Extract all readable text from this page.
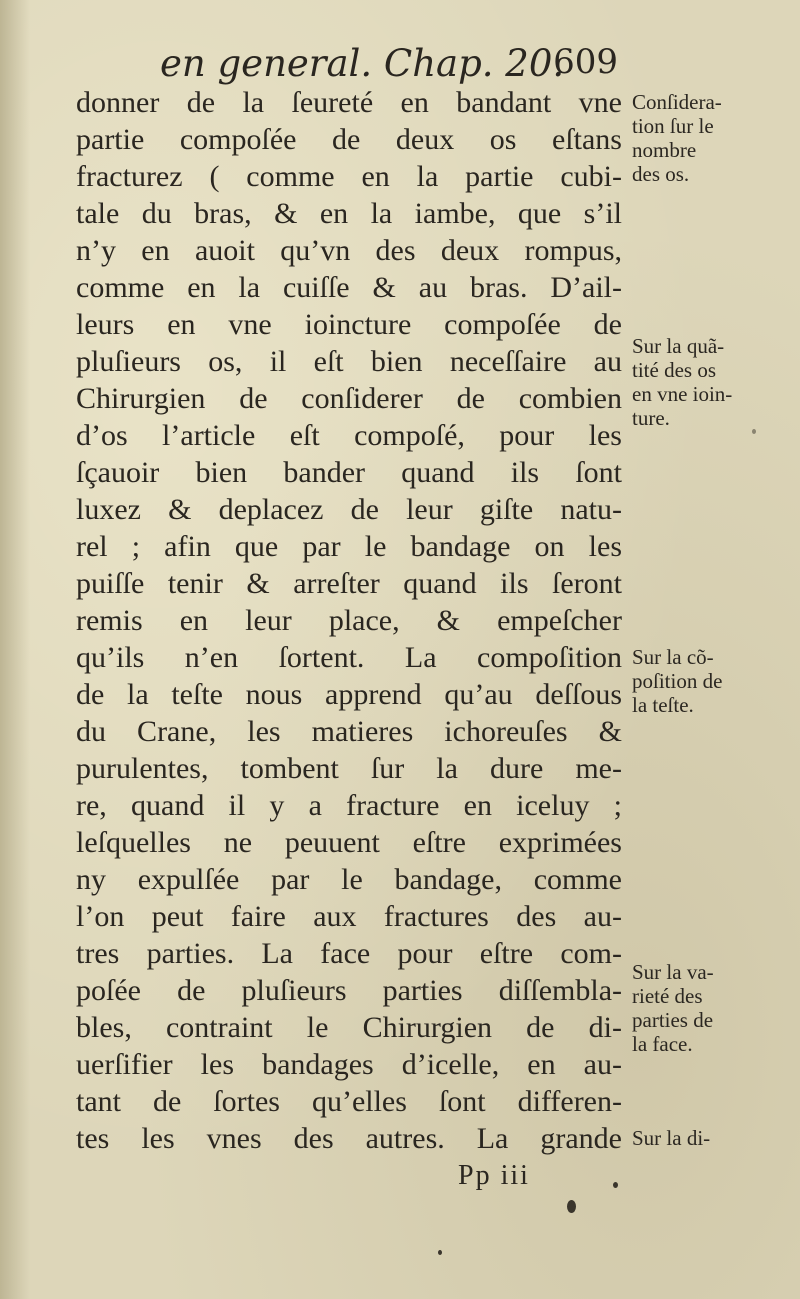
en general. Chap. 20.
609
donner de la ſeureté en bandant vne
partie compoſée de deux os eſtans
fracturez ( comme en la partie cubi-
tale du bras, & en la iambe, que s’il
n’y en auoit qu’vn des deux rompus,
comme en la cuiſſe & au bras. D’ail-
leurs en vne ioincture compoſée de
pluſieurs os, il eſt bien neceſſaire au
Chirurgien de conſiderer de combien
d’os l’article eſt compoſé, pour les
ſçauoir bien bander quand ils ſont
luxez & deplacez de leur giſte natu-
rel ; afin que par le bandage on les
puiſſe tenir & arreſter quand ils ſeront
remis en leur place, & empeſcher
qu’ils n’en ſortent. La compoſition
de la teſte nous apprend qu’au deſſous
du Crane, les matieres ichoreuſes &
purulentes, tombent ſur la dure me-
re, quand il y a fracture en iceluy ;
leſquelles ne peuuent eſtre exprimées
ny expulſée par le bandage, comme
l’on peut faire aux fractures des au-
tres parties. La face pour eſtre com-
poſée de pluſieurs parties diſſembla-
bles, contraint le Chirurgien de di-
uerſifier les bandages d’icelle, en au-
tant de ſortes qu’elles ſont differen-
tes les vnes des autres. La grande
Conſidera-
tion ſur le
nombre
des os.
Sur la quã-
tité des os
en vne ioin-
ture.
Sur la cõ-
poſition de
la teſte.
Sur la va-
rieté des
parties de
la face.
Sur la di-
Pp iii
